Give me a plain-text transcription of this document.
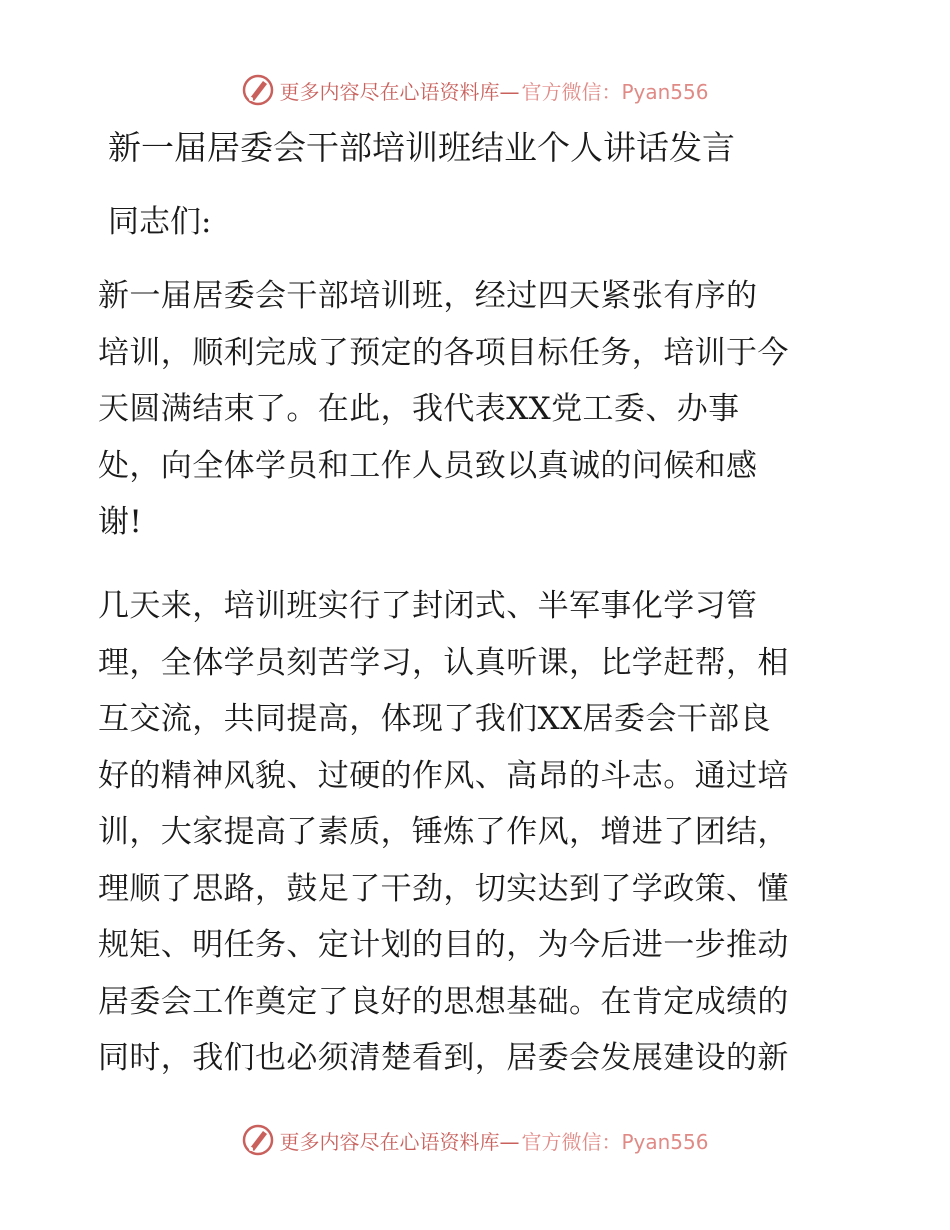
更多内容尽在心语资料库— 官方微信：Pyan556
新一届居委会干部培训班结业个人讲话发言

同志们:

新一届居委会干部培训班，经过四天紧张有序的
培训，顺利完成了预定的各项目标任务，培训于今
天圆满结束了。在此，我代表XX党工委、办事
处，向全体学员和工作人员致以真诚的问候和感
谢!
几天来，培训班实行了封闭式、半军事化学习管
理，全体学员刻苦学习，认真听课，比学赶帮，相
互交流，共同提高，体现了我们XX居委会干部良
好的精神风貌、过硬的作风、高昂的斗志。通过培
训，大家提高了素质，锤炼了作风，增进了团结，
理顺了思路，鼓足了干劲，切实达到了学政策、懂
规矩、明任务、定计划的目的，为今后进一步推动
居委会工作奠定了良好的思想基础。在肯定成绩的
同时，我们也必须清楚看到，居委会发展建设的新
更多内容尽在心语资料库— 官方微信：Pyan556
